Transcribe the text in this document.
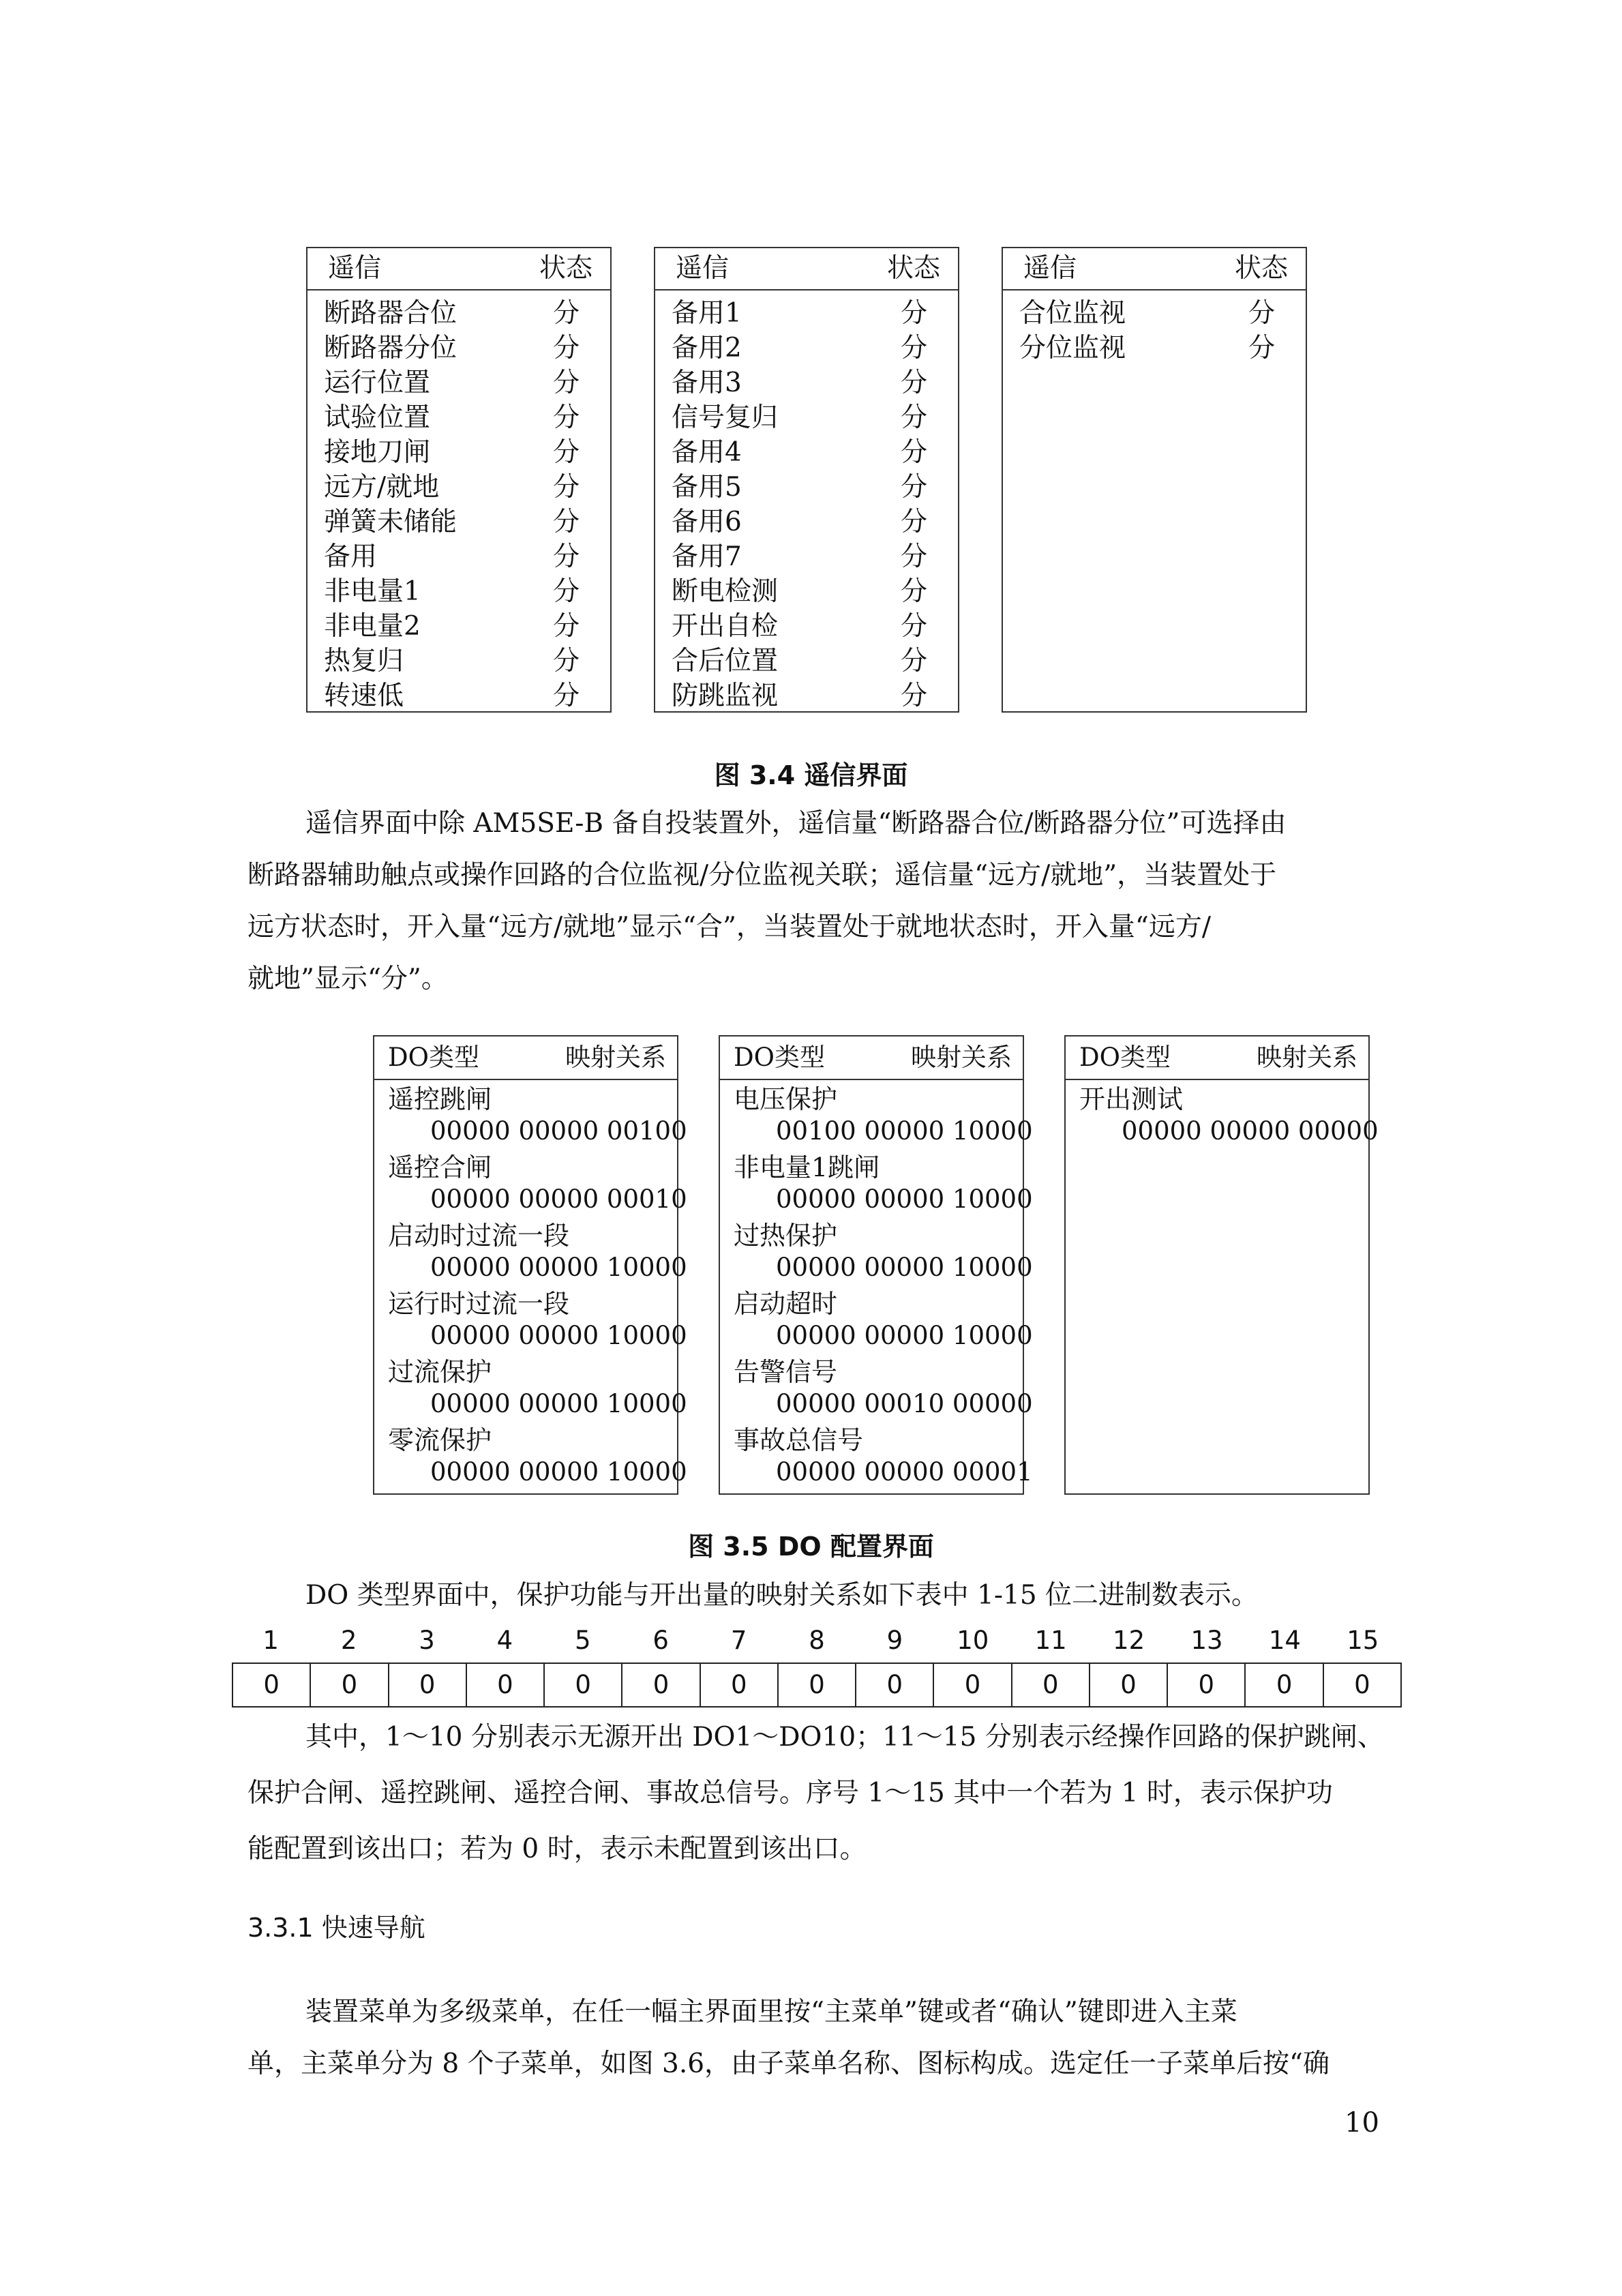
遥信	状态
断路器合位	分
断路器分位	分
运行位置	分
试验位置	分
接地刀闸	分
远方/就地	分
弹簧未储能	分
备用	分
非电量1	分
非电量2	分
热复归	分
转速低	分
遥信	状态
备用1	分
备用2	分
备用3	分
信号复归	分
备用4	分
备用5	分
备用6	分
备用7	分
断电检测	分
开出自检	分
合后位置	分
防跳监视	分
遥信	状态
合位监视	分
分位监视	分
图 3.4 遥信界面
遥信界面中除 AM5SE-B 备自投装置外，遥信量“断路器合位/断路器分位”可选择由
断路器辅助触点或操作回路的合位监视/分位监视关联；遥信量“远方/就地”，当装置处于
远方状态时，开入量“远方/就地”显示“合”，当装置处于就地状态时，开入量“远方/
就地”显示“分”。
DO类型	映射关系
遥控跳闸
00000 00000 00100
遥控合闸
00000 00000 00010
启动时过流一段
00000 00000 10000
运行时过流一段
00000 00000 10000
过流保护
00000 00000 10000
零流保护
00000 00000 10000
DO类型	映射关系
电压保护
00100 00000 10000
非电量1跳闸
00000 00000 10000
过热保护
00000 00000 10000
启动超时
00000 00000 10000
告警信号
00000 00010 00000
事故总信号
00000 00000 00001
DO类型	映射关系
开出测试
00000 00000 00000
图 3.5 DO 配置界面
DO 类型界面中，保护功能与开出量的映射关系如下表中 1-15 位二进制数表示。
1	2	3	4	5	6	7	8	9	10 11 12 13 14 15
0	0	0	0	0	0	0	0	0	0	0	0	0	0	0
其中，1～10 分别表示无源开出 DO1～DO10；11～15 分别表示经操作回路的保护跳闸、
保护合闸、遥控跳闸、遥控合闸、事故总信号。序号 1～15 其中一个若为 1 时，表示保护功
能配置到该出口；若为 0 时，表示未配置到该出口。
3.3.1 快速导航
装置菜单为多级菜单，在任一幅主界面里按“主菜单”键或者“确认”键即进入主菜
单，主菜单分为 8 个子菜单，如图 3.6，由子菜单名称、图标构成。选定任一子菜单后按“确
10
